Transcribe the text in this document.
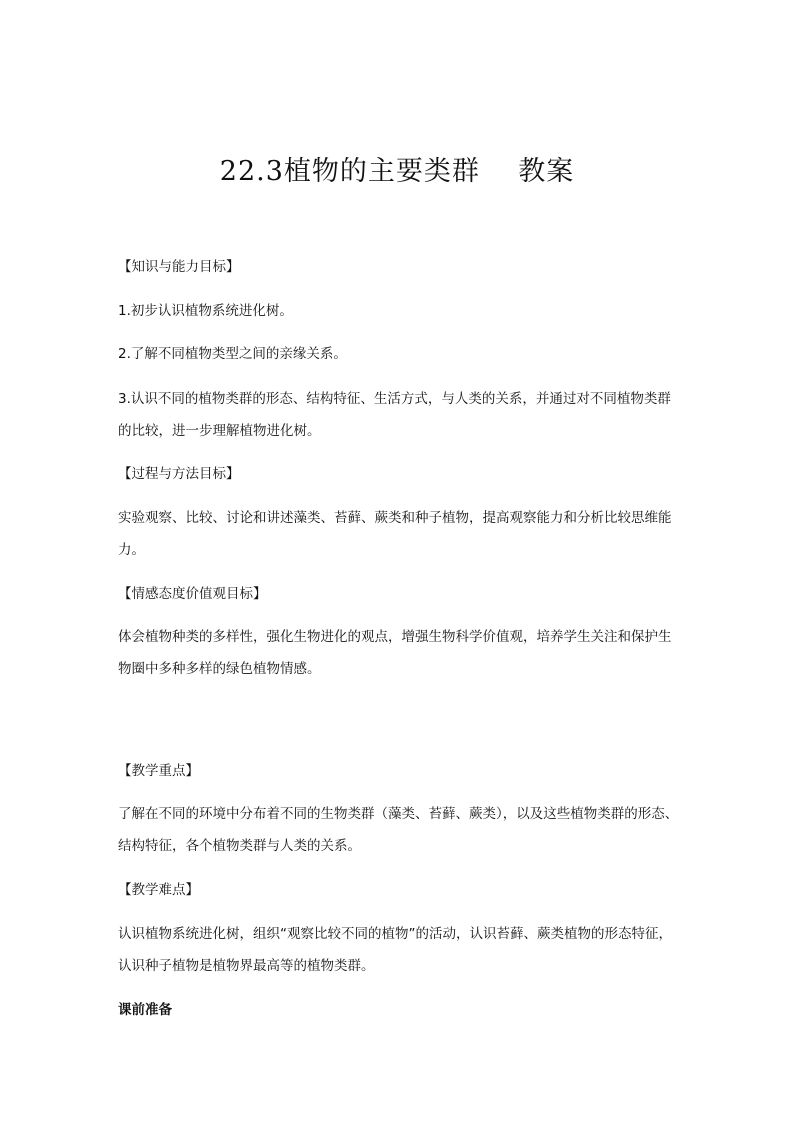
22.3植物的主要类群    教案

【知识与能力目标】

1.初步认识植物系统进化树。

2.了解不同植物类型之间的亲缘关系。

3.认识不同的植物类群的形态、结构特征、生活方式，与人类的关系，并通过对不同植物类群的比较，进一步理解植物进化树。

【过程与方法目标】

实验观察、比较、讨论和讲述藻类、苔藓、蕨类和种子植物，提高观察能力和分析比较思维能力。

【情感态度价值观目标】

体会植物种类的多样性，强化生物进化的观点，增强生物科学价值观，培养学生关注和保护生物圈中多种多样的绿色植物情感。

【教学重点】

了解在不同的环境中分布着不同的生物类群（藻类、苔藓、蕨类），以及这些植物类群的形态、结构特征，各个植物类群与人类的关系。

【教学难点】

认识植物系统进化树，组织“观察比较不同的植物”的活动，认识苔藓、蕨类植物的形态特征，认识种子植物是植物界最高等的植物类群。

课前准备
